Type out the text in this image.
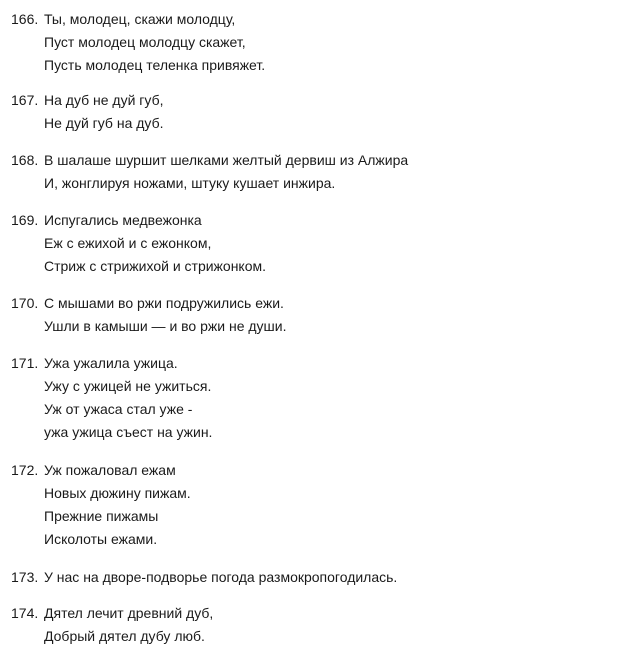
166. Ты, молодец, скажи молодцу,
Пуст молодец молодцу скажет,
Пусть молодец теленка привяжет.
167. На дуб не дуй губ,
Не дуй губ на дуб.
168. В шалаше шуршит шелками желтый дервиш из Алжира
И, жонглируя ножами, штуку кушает инжира.
169. Испугались медвежонка
Еж с ежихой и с ежонком,
Стриж с стрижихой и стрижонком.
170. С мышами во ржи подружились ежи.
Ушли в камыши — и во ржи не души.
171. Ужа ужалила ужица.
Ужу с ужицей не ужиться.
Уж от ужаса стал уже -
ужа ужица съест на ужин.
172. Уж пожаловал ежам
Новых дюжину пижам.
Прежние пижамы
Исколоты ежами.
173. У нас на дворе-подворье погода размокропогодилась.
174. Дятел лечит древний дуб,
Добрый дятел дубу люб.
